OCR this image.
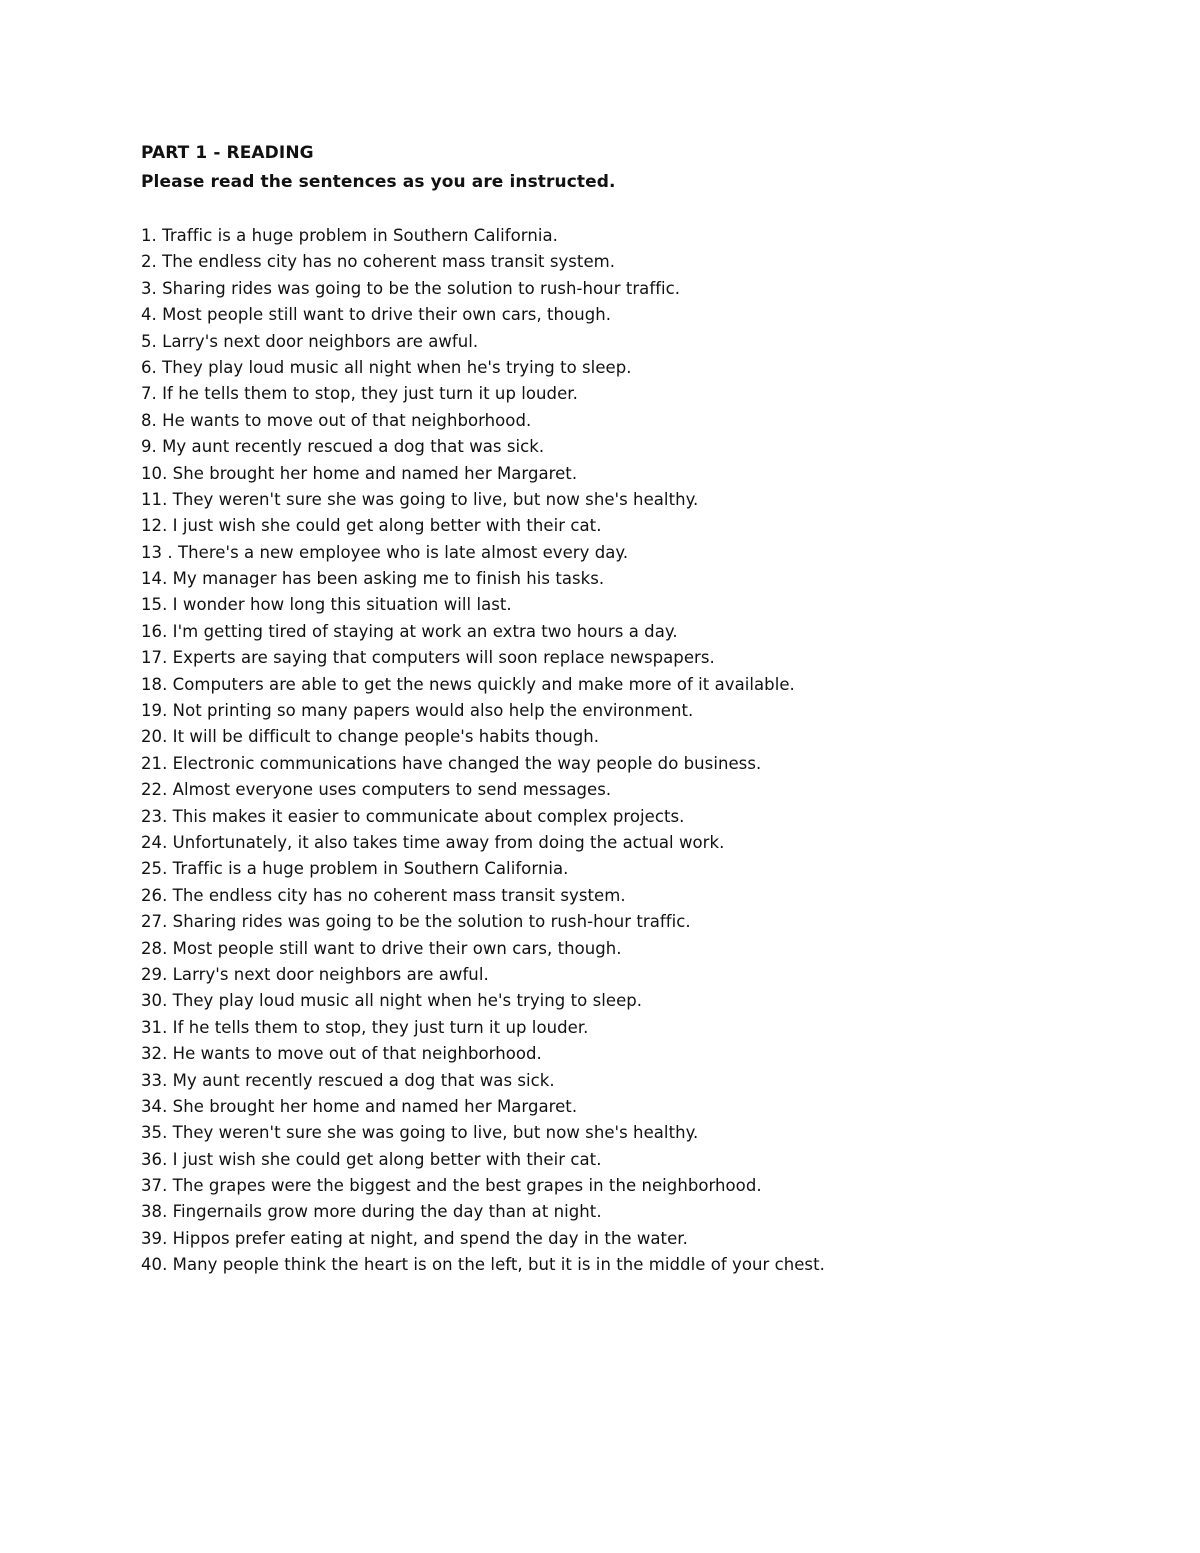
PART 1 - READING

Please read the sentences as you are instructed.

1. Traffic is a huge problem in Southern California.
2. The endless city has no coherent mass transit system.
3. Sharing rides was going to be the solution to rush-hour traffic.
4. Most people still want to drive their own cars, though.
5. Larry's next door neighbors are awful.
6. They play loud music all night when he's trying to sleep.
7. If he tells them to stop, they just turn it up louder.
8. He wants to move out of that neighborhood.
9. My aunt recently rescued a dog that was sick.
10. She brought her home and named her Margaret.
11. They weren't sure she was going to live, but now she's healthy.
12. I just wish she could get along better with their cat.
13 . There's a new employee who is late almost every day.
14. My manager has been asking me to finish his tasks.
15. I wonder how long this situation will last.
16. I'm getting tired of staying at work an extra two hours a day.
17. Experts are saying that computers will soon replace newspapers.
18. Computers are able to get the news quickly and make more of it available.
19. Not printing so many papers would also help the environment.
20. It will be difficult to change people's habits though.
21. Electronic communications have changed the way people do business.
22. Almost everyone uses computers to send messages.
23. This makes it easier to communicate about complex projects.
24. Unfortunately, it also takes time away from doing the actual work.
25. Traffic is a huge problem in Southern California.
26. The endless city has no coherent mass transit system.
27. Sharing rides was going to be the solution to rush-hour traffic.
28. Most people still want to drive their own cars, though.
29. Larry's next door neighbors are awful.
30. They play loud music all night when he's trying to sleep.
31. If he tells them to stop, they just turn it up louder.
32. He wants to move out of that neighborhood.
33. My aunt recently rescued a dog that was sick.
34. She brought her home and named her Margaret.
35. They weren't sure she was going to live, but now she's healthy.
36. I just wish she could get along better with their cat.
37. The grapes were the biggest and the best grapes in the neighborhood.
38. Fingernails grow more during the day than at night.
39. Hippos prefer eating at night, and spend the day in the water.
40. Many people think the heart is on the left, but it is in the middle of your chest.
